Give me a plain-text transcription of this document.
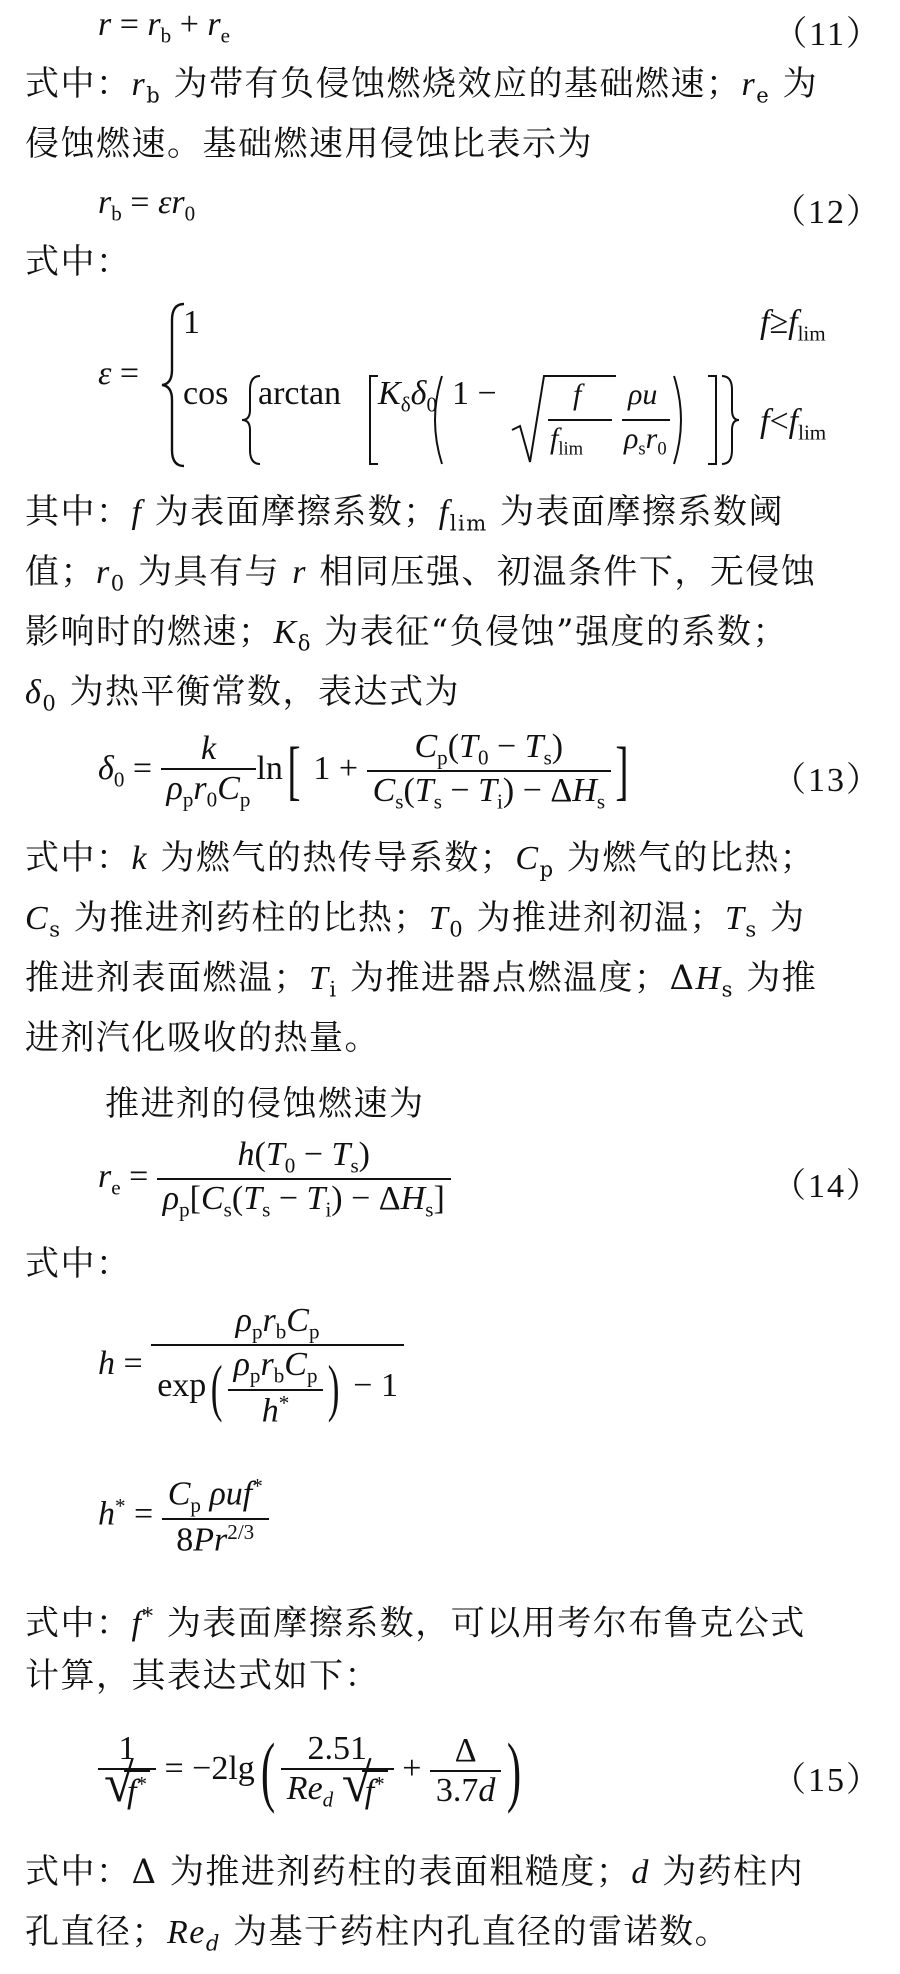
$r = r_b + r_e$	（11）
式中：$r_b$ 为带有负侵蚀燃烧效应的基础燃速；$r_e$ 为
侵蚀燃速。基础燃速用侵蚀比表示为
$r_b = \varepsilon r_0$	（12）
式中：
ε =
1	$f\ge f_{lim}$
$\cos \arctan K_\delta\delta_0$ 1 −	f
$f_{lim}$
ρu
$\rho_sr_0$
$f<f_{lim}$
其中：f 为表面摩擦系数；$f_{lim}$ 为表面摩擦系数阈
值；$r_0$ 为具有与 r 相同压强、初温条件下，无侵蚀
影响时的燃速；$K_\delta$ 为表征“负侵蚀”强度的系数；
$\delta_0$ 为热平衡常数，表达式为
$\delta_0 = \frac{k}{\rho_pr_0C_p} \ln$[ $1 + \frac{C_p(T_0 - T_s)}{C_s(T_s - T_i) - \Delta H_s}$ ]	（13）
式中：k 为燃气的热传导系数；$C_p$ 为燃气的比热；
$C_s$ 为推进剂药柱的比热；$T_0$ 为推进剂初温；$T_s$ 为
推进剂表面燃温；$T_i$ 为推进器点燃温度；$\Delta H_s$ 为推
进剂汽化吸收的热量。
推进剂的侵蚀燃速为
$r_e = \frac{h(T_0 - T_s)}{\rho_p[C_s(T_s - T_i) - \Delta H_s]}$	（14）
式中：
$h = \frac{\rho_pr_bC_p}{\exp( \frac{\rho_pr_bC_p}{h^*} ) - 1}$
$h^* = \frac{C_p \rho uf^*}{8Pr^{2/3}}$
式中：f* 为表面摩擦系数，可以用考尔布鲁克公式
计算，其表达式如下：
1
√ $f^* = -2\lg( \frac{2.51}{Re_d √ f^*} + \frac{\Delta}{3.7d}$ )	（15）
式中：Δ 为推进剂药柱的表面粗糙度；d 为药柱内
孔直径；$Re_d$ 为基于药柱内孔直径的雷诺数。
